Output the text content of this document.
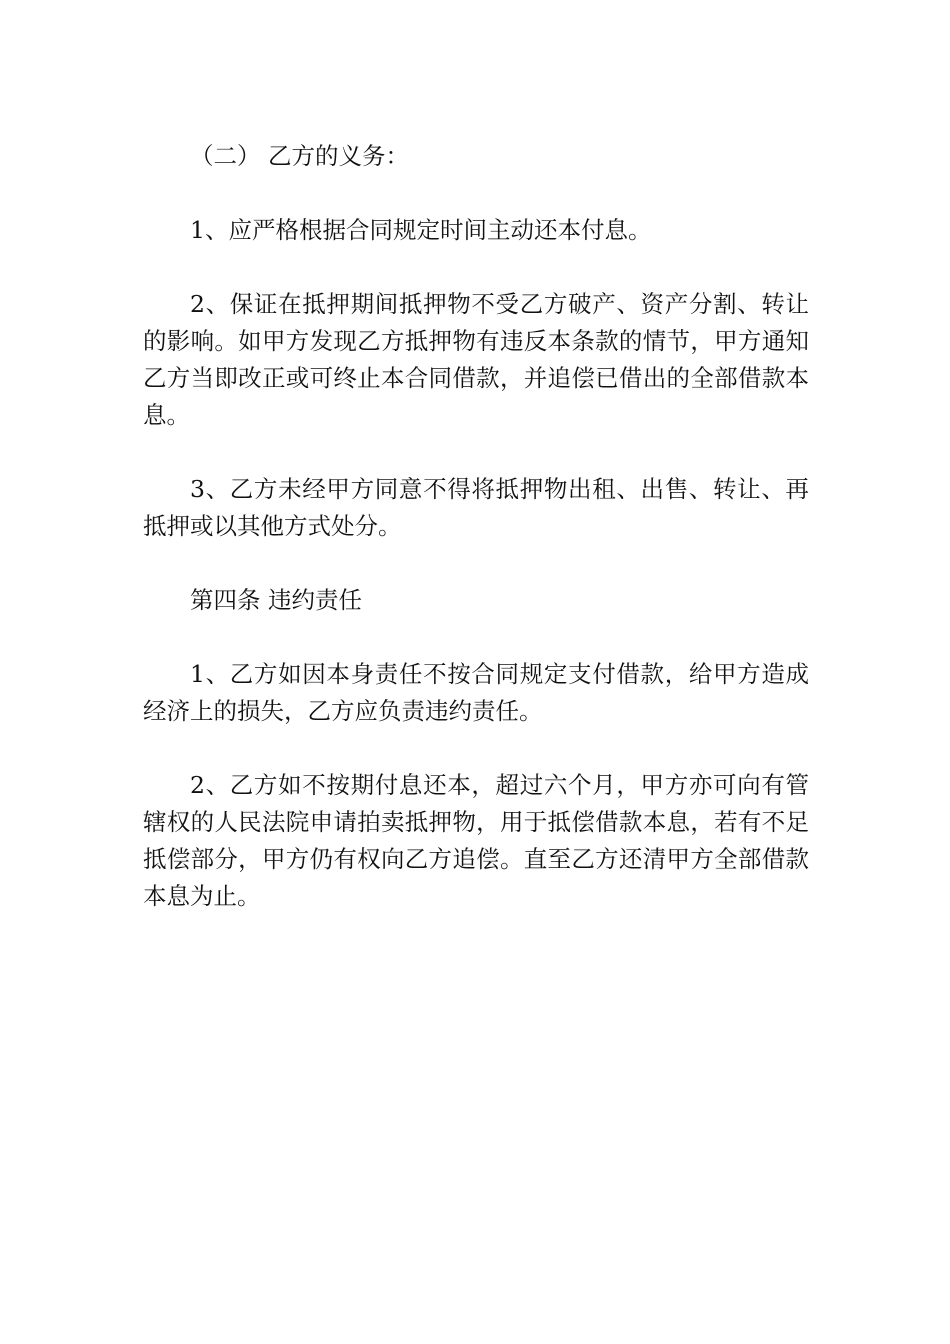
（二） 乙方的义务：

1、应严格根据合同规定时间主动还本付息。

2、保证在抵押期间抵押物不受乙方破产、资产分割、转让的影响。如甲方发现乙方抵押物有违反本条款的情节，甲方通知乙方当即改正或可终止本合同借款，并追偿已借出的全部借款本息。

3、乙方未经甲方同意不得将抵押物出租、出售、转让、再抵押或以其他方式处分。

第四条 违约责任

1、乙方如因本身责任不按合同规定支付借款，给甲方造成经济上的损失，乙方应负责违约责任。

2、乙方如不按期付息还本，超过六个月，甲方亦可向有管辖权的人民法院申请拍卖抵押物，用于抵偿借款本息，若有不足抵偿部分，甲方仍有权向乙方追偿。直至乙方还清甲方全部借款本息为止。
